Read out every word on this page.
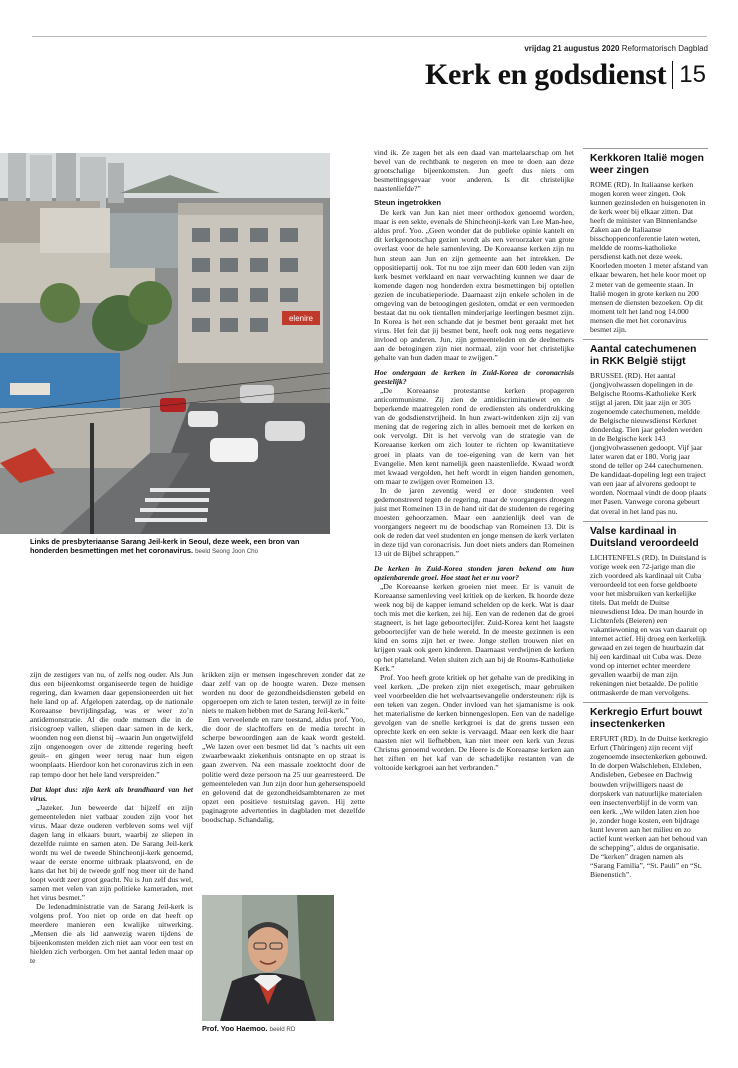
vrijdag 21 augustus 2020 Reformatorisch Dagblad
Kerk en godsdienst 15
elenire
Links de presbyteriaanse Sarang Jeil-kerk in Seoul, deze week, een bron van honderden besmettingen met het coronavirus. beeld Seong Joon Cho

zijn de zestigers van nu, of zelfs nog ouder. Als Jun dus een bijeenkomst organiseerde tegen de huidige regering, dan kwamen daar gepensioneerden uit het hele land op af. Afgelopen zaterdag, op de nationale Koreaanse bevrijdingsdag, was er weer zo’n antidemonstratie. Al die oude mensen die in de risicogroep vallen, sliepen daar samen in de kerk, woonden nog een dienst bij –waarin Jun ongetwijfeld zijn ongenoegen over de zittende regering heeft geuit– en gingen weer terug naar hun eigen woonplaats. Hierdoor kon het coronavirus zich in een rap tempo door het hele land verspreiden.”

Dat klopt dus: zijn kerk als brandhaard van het virus.

„Jazeker. Jun beweerde dat hijzelf en zijn gemeenteleden niet vatbaar zouden zijn voor het virus. Maar deze ouderen verbleven soms wel vijf dagen lang in elkaars buurt, waarbij ze sliepen in dezelfde ruimte en samen aten. De Sarang Jeil-kerk wordt nu wel de tweede Shincheonji-kerk genoemd, waar de eerste enorme uitbraak plaatsvond, en de kans dat het bij de tweede golf nog meer uit de hand loopt wordt zeer groot geacht. Nu is Jun zelf dus wel, samen met velen van zijn politieke kameraden, met het virus besmet.”

De ledenadministratie van de Sarang Jeil-kerk is volgens prof. Yoo niet op orde en dat heeft op meerdere manieren een kwalijke uitwerking. „Mensen die als lid aanwezig waren tijdens de bijeenkomsten melden zich niet aan voor een test en hielden zich verborgen. Om het aantal leden maar op te

krikken zijn er mensen ingeschreven zonder dat ze daar zelf van op de hoogte waren. Deze mensen worden nu door de gezondheidsdiensten gebeld en opgeroepen om zich te laten testen, terwijl ze in feite niets te maken hebben met de Sarang Jeil-kerk.”

Een verveelende en rare toestand, aldus prof. Yoo, die door de slachtoffers en de media terecht in scherpe bewoordingen aan de kaak wordt gesteld. „We lazen over een besmet lid dat ’s nachts uit een zwaarbewaakt ziekenhuis ontsnapte en op straat is gaan zwerven. Na een massale zoektocht door de politie werd deze persoon na 25 uur gearresteerd. De gemeenteleden van Jun zijn door hun gehersenspoeld en gelovend dat de gezondheidsambtenaren ze met opzet een positieve testuitslag gaven. Hij zette paginagrote advertenties in dagbladen met dezelfde boodschap. Schandalig,

Prof. Yoo Haemoo. beeld RD

vind ik. Ze zagen het als een daad van martelaarschap om het bevel van de rechtbank te negeren en mee te doen aan deze grootschalige bijeenkomsten. Jun geeft dus niets om besmettingsgevaar voor anderen. Is dit christelijke naastenliefde?”

Steun ingetrokken

De kerk van Jun kan niet meer orthodox genoemd worden, maar is een sekte, evenals de Shincheonji-kerk van Lee Man-hee, aldus prof. Yoo. „Geen wonder dat de publieke opinie kantelt en dit kerkgenootschap gezien wordt als een veroorzaker van grote overlast voor de hele samenleving. De Koreaanse kerken zijn nu hun steun aan Jun en zijn gemeente aan het intrekken. De oppositiepartij ook. Tot nu toe zijn meer dan 600 leden van zijn kerk besmet verklaard en naar verwachting kunnen we daar de komende dagen nog honderden extra besmettingen bij optellen gezien de incubatieperiode. Daarnaast zijn enkele scholen in de omgeving van de betoogingen gesloten, omdat er een vermoeden bestaat dat nu ook tientallen minderjarige leerlingen besmet zijn. In Korea is het een schande dat je besmet bent geraakt met het virus. Het feit dat jij besmet bent, heeft ook nog eens negatieve invloed op anderen. Jun, zijn gemeenteleden en de deelnemers aan de betogingen zijn niet normaal, zijn voor het christelijke gehalte van hun daden maar te zwijgen.”

Hoe ondergaan de kerken in Zuid-Korea de coronacrisis geestelijk?

„De Koreaanse protestantse kerken propageren anticommunisme. Zij zien de antidiscriminatiewet en de beperkende maatregelen rond de erediensten als onderdrukking van de godsdienstvrijheid. In hun zwart-witdenken zijn zij van mening dat de regering zich in alles bemoeit met de kerken en ook vervolgt. Dit is het vervolg van de strategie van de Koreaanse kerken om zich louter te richten op kwantitatieve groei in plaats van de toe-eigening van de kern van het Evangelie. Men kent namelijk geen naastenliefde. Kwaad wordt met kwaad vergolden, het heft wordt in eigen handen genomen, om maar te zwijgen over Romeinen 13.

In de jaren zeventig werd er door studenten veel gedemonstreerd tegen de regering, maar de voorgangers droegen juist met Romeinen 13 in de hand uit dat de studenten de regering moesten gehoorzamen. Maar een aanzienlijk deel van de voorgangers negeert nu de boodschap van Romeinen 13. Dit is ook de reden dat veel studenten en jonge mensen de kerk verlaten in deze tijd van coronacrisis. Jun doet niets anders dan Romeinen 13 uit de Bijbel schrappen.”

De kerken in Zuid-Korea stonden jaren bekend om hun opzienbarende groei. Hoe staat het er nu voor?

„De Koreaanse kerken groeien niet meer. Er is vanuit de Koreaanse samenleving veel kritiek op de kerken. Ik hoorde deze week nog bij de kapper iemand schelden op de kerk. Wat is daar toch mis met die kerken, zei hij. Een van de redenen dat de groei stagneert, is het lage geboortecijfer. Zuid-Korea kent het laagste geboortecijfer van de hele wereld. In de meeste gezinnen is een kind en soms zijn het er twee. Jonge stellen trouwen niet en krijgen vaak ook geen kinderen. Daarnaast verdwijnen de kerken op het platteland. Velen sluiten zich aan bij de Rooms-Katholieke Kerk.”

Prof. Yoo heeft grote kritiek op het gehalte van de prediking in veel kerken. „De preken zijn niet exegetisch, maar gebruiken veel voorbeelden die het welvaartsevangelie ondersteunen: rijk is een teken van zegen. Onder invloed van het sjamanisme is ook het materialisme de kerken binnengeslopen. Een van de nadelige gevolgen van de snelle kerkgroei is dat de grens tussen een oprechte kerk en een sekte is vervaagd. Maar een kerk die haar naasten niet wil liefhebben, kan niet meer een kerk van Jezus Christus genoemd worden. De Heere is de Koreaanse kerken aan het ziften en het kaf van de schadelijke restanten van de voltooide kerkgroei aan het verbranden.”

Kerkkoren Italië mogen weer zingen
ROME (RD). In Italiaanse kerken mogen koren weer zingen. Ook kunnen gezinsleden en huisgenoten in de kerk weer bij elkaar zitten. Dat heeft de minister van Binnenlandse Zaken aan de Italiaanse bisschoppenconferentie laten weten, meldde de rooms-katholieke persdienst kath.net deze week. Koorleden moeten 1 meter afstand van elkaar bewaren, het hele koor moet op 2 meter van de gemeente staan. In Italië mogen in grote kerken nu 200 mensen de diensten bezoeken. Op dit moment telt het land nog 14.000 mensen die met het coronavirus besmet zijn.
Aantal catechumenen in RKK België stijgt
BRUSSEL (RD). Het aantal (jong)volwassen dopelingen in de Belgische Rooms-Katholieke Kerk stijgt al jaren. Dit jaar zijn er 305 zogenoemde catechumenen, meldde de Belgische nieuwsdienst Kerknet donderdag. Tien jaar geleden werden in de Belgische kerk 143 (jong)volwassenen gedoopt. Vijf jaar later waren dat er 180. Vorig jaar stond de teller op 244 catechumenen. De kandidaat-dopeling legt een traject van een jaar af alvorens gedoopt te worden. Normaal vindt de doop plaats met Pasen. Vanwege corona gebeurt dat overal in het land pas nu.
Valse kardinaal in Duitsland veroordeeld
LICHTENFELS (RD). In Duitsland is vorige week een 72-jarige man die zich voordeed als kardinaal uit Cuba veroordeeld tot een forse geldboete voor het misbruiken van kerkelijke titels. Dat meldt de Duitse nieuwsdienst Idea. De man hourde in Lichtenfels (Beieren) een vakantiewoning en was van daaruit op internet actief. Hij droeg een kerkelijk gewaad en zei tegen de huurbazin dat hij een kardinaal uit Cuba was. Deze vond op internet echter meerdere gevallen waarbij de man zijn rekeningen niet betaalde. De politie ontmaskerde de man vervolgens.
Kerkregio Erfurt bouwt insectenkerken
ERFURT (RD). In de Duitse kerkregio Erfurt (Thüringen) zijn recent vijf zogenoemde insectenkerken gebouwd. In de dorpen Walschleben, Elxleben, Andisleben, Gebesee en Dachwig bouwden vrijwilligers naast de dorpskerk van natuurlijke materialen een insectenverblijf in de vorm van een kerk. „We wilden laten zien hoe je, zonder hoge kosten, een bijdrage kunt leveren aan het milieu en zo actief kunt werken aan het behoud van de schepping”, aldus de organisatie. De “kerken” dragen namen als “Sarang Familia”, “St. Pauli” en “St. Bienenstich”.
